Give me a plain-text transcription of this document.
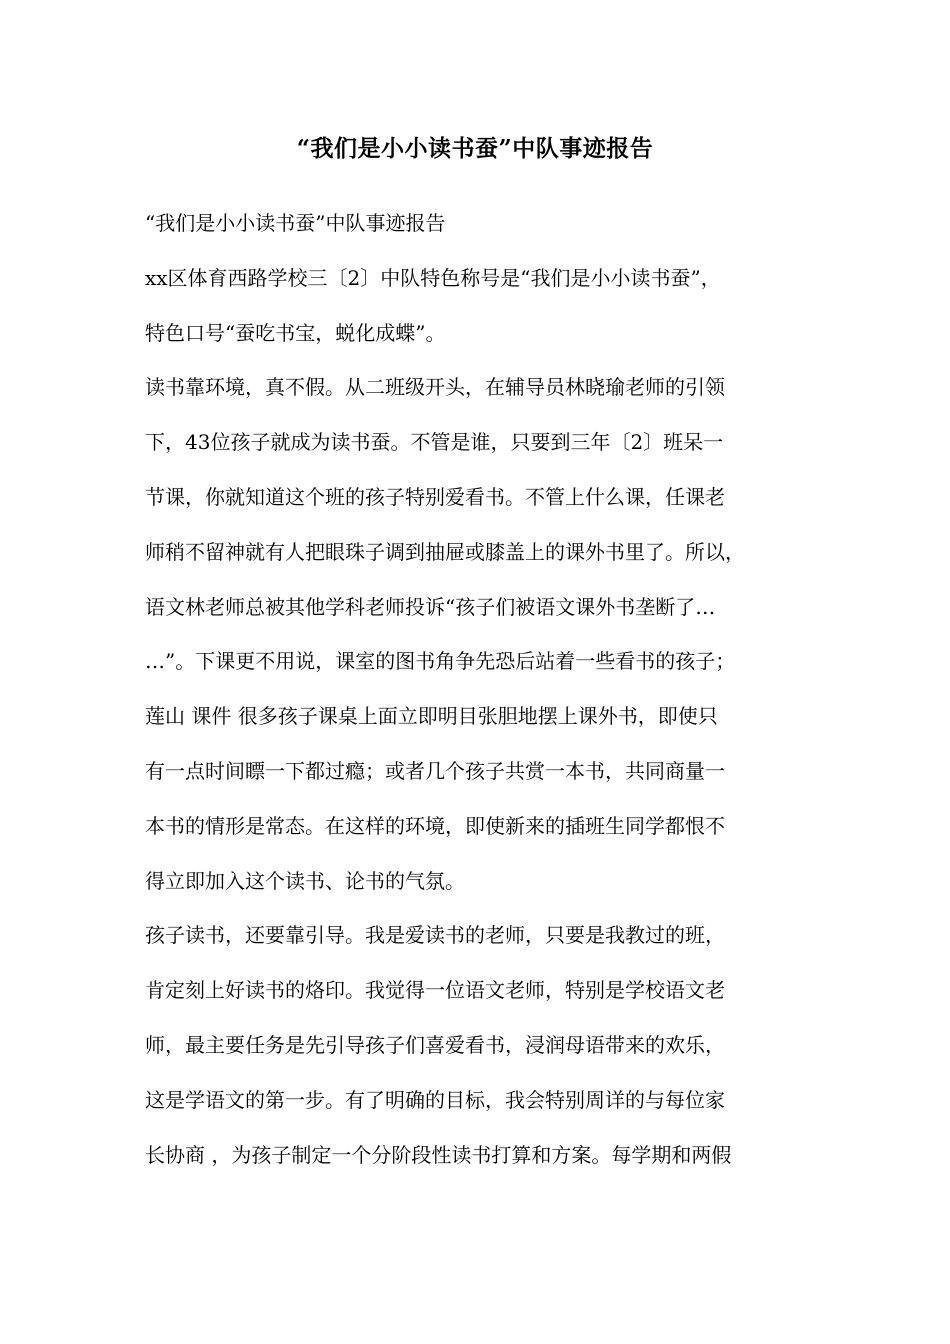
“我们是小小读书蚕”中队事迹报告
“我们是小小读书蚕”中队事迹报告
xx区体育西路学校三〔2〕中队特色称号是“我们是小小读书蚕”，
特色口号“蚕吃书宝，蜕化成蝶”。
读书靠环境，真不假。从二班级开头，在辅导员林晓瑜老师的引领
下，43位孩子就成为读书蚕。不管是谁，只要到三年〔2〕班呆一
节课，你就知道这个班的孩子特别爱看书。不管上什么课，任课老
师稍不留神就有人把眼珠子调到抽屉或膝盖上的课外书里了。所以，
语文林老师总被其他学科老师投诉“孩子们被语文课外书垄断了…
…”。下课更不用说，课室的图书角争先恐后站着一些看书的孩子；
莲山 课件 很多孩子课桌上面立即明目张胆地摆上课外书，即使只
有一点时间瞟一下都过瘾；或者几个孩子共赏一本书，共同商量一
本书的情形是常态。在这样的环境，即使新来的插班生同学都恨不
得立即加入这个读书、论书的气氛。
孩子读书，还要靠引导。我是爱读书的老师，只要是我教过的班，
肯定刻上好读书的烙印。我觉得一位语文老师，特别是学校语文老
师，最主要任务是先引导孩子们喜爱看书，浸润母语带来的欢乐，
这是学语文的第一步。有了明确的目标，我会特别周详的与每位家
长协商 ，为孩子制定一个分阶段性读书打算和方案。每学期和两假
